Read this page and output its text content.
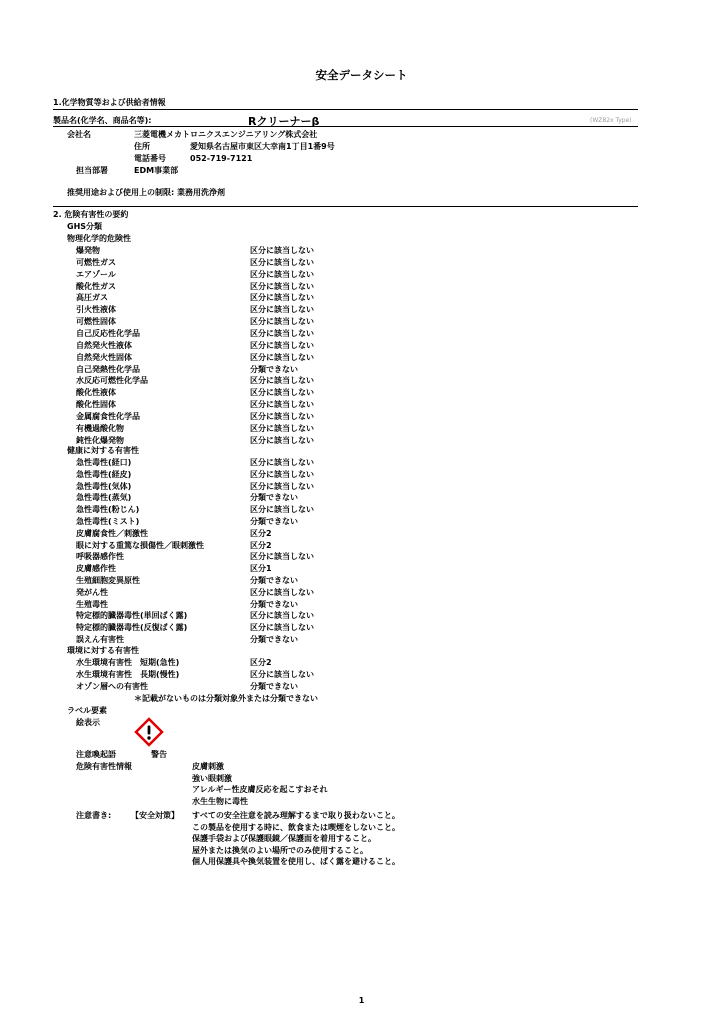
安全データシート
1.化学物質等および供給者情報
製品名(化学名、商品名等):	Rクリーナーβ	(WZ82x Type)
会社名	三菱電機メカトロニクスエンジニアリング株式会社
住所	愛知県名古屋市東区大幸南1丁目1番9号
電話番号	052-719-7121
担当部署	EDM事業部
推奨用途および使用上の制限: 業務用洗浄剤
2. 危険有害性の要約
GHS分類
物理化学的危険性
爆発物	区分に該当しない
可燃性ガス	区分に該当しない
エアゾール	区分に該当しない
酸化性ガス	区分に該当しない
高圧ガス	区分に該当しない
引火性液体	区分に該当しない
可燃性固体	区分に該当しない
自己反応性化学品	区分に該当しない
自然発火性液体	区分に該当しない
自然発火性固体	区分に該当しない
自己発熱性化学品	分類できない
水反応可燃性化学品	区分に該当しない
酸化性液体	区分に該当しない
酸化性固体	区分に該当しない
金属腐食性化学品	区分に該当しない
有機過酸化物	区分に該当しない
鈍性化爆発物	区分に該当しない
健康に対する有害性
急性毒性(経口)	区分に該当しない
急性毒性(経皮)	区分に該当しない
急性毒性(気体)	区分に該当しない
急性毒性(蒸気)	分類できない
急性毒性(粉じん)	区分に該当しない
急性毒性(ミスト)	分類できない
皮膚腐食性／刺激性	区分2
眼に対する重篤な損傷性／眼刺激性	区分2
呼吸器感作性	区分に該当しない
皮膚感作性	区分1
生殖細胞変異原性	分類できない
発がん性	区分に該当しない
生殖毒性	分類できない
特定標的臓器毒性(単回ばく露)	区分に該当しない
特定標的臓器毒性(反復ばく露)	区分に該当しない
誤えん有害性	分類できない
環境に対する有害性
水生環境有害性　短期(急性)	区分2
水生環境有害性　長期(慢性)	区分に該当しない
オゾン層への有害性	分類できない
＊記載がないものは分類対象外または分類できない
ラベル要素
絵表示
注意喚起語	警告
危険有害性情報	皮膚刺激
強い眼刺激
アレルギー性皮膚反応を起こすおそれ
水生生物に毒性
注意書き: 【安全対策】 すべての安全注意を読み理解するまで取り扱わないこと。
この製品を使用する時に、飲食または喫煙をしないこと。
保護手袋および保護眼鏡／保護面を着用すること。
屋外または換気のよい場所でのみ使用すること。
個人用保護具や換気装置を使用し、ばく露を避けること。
1
